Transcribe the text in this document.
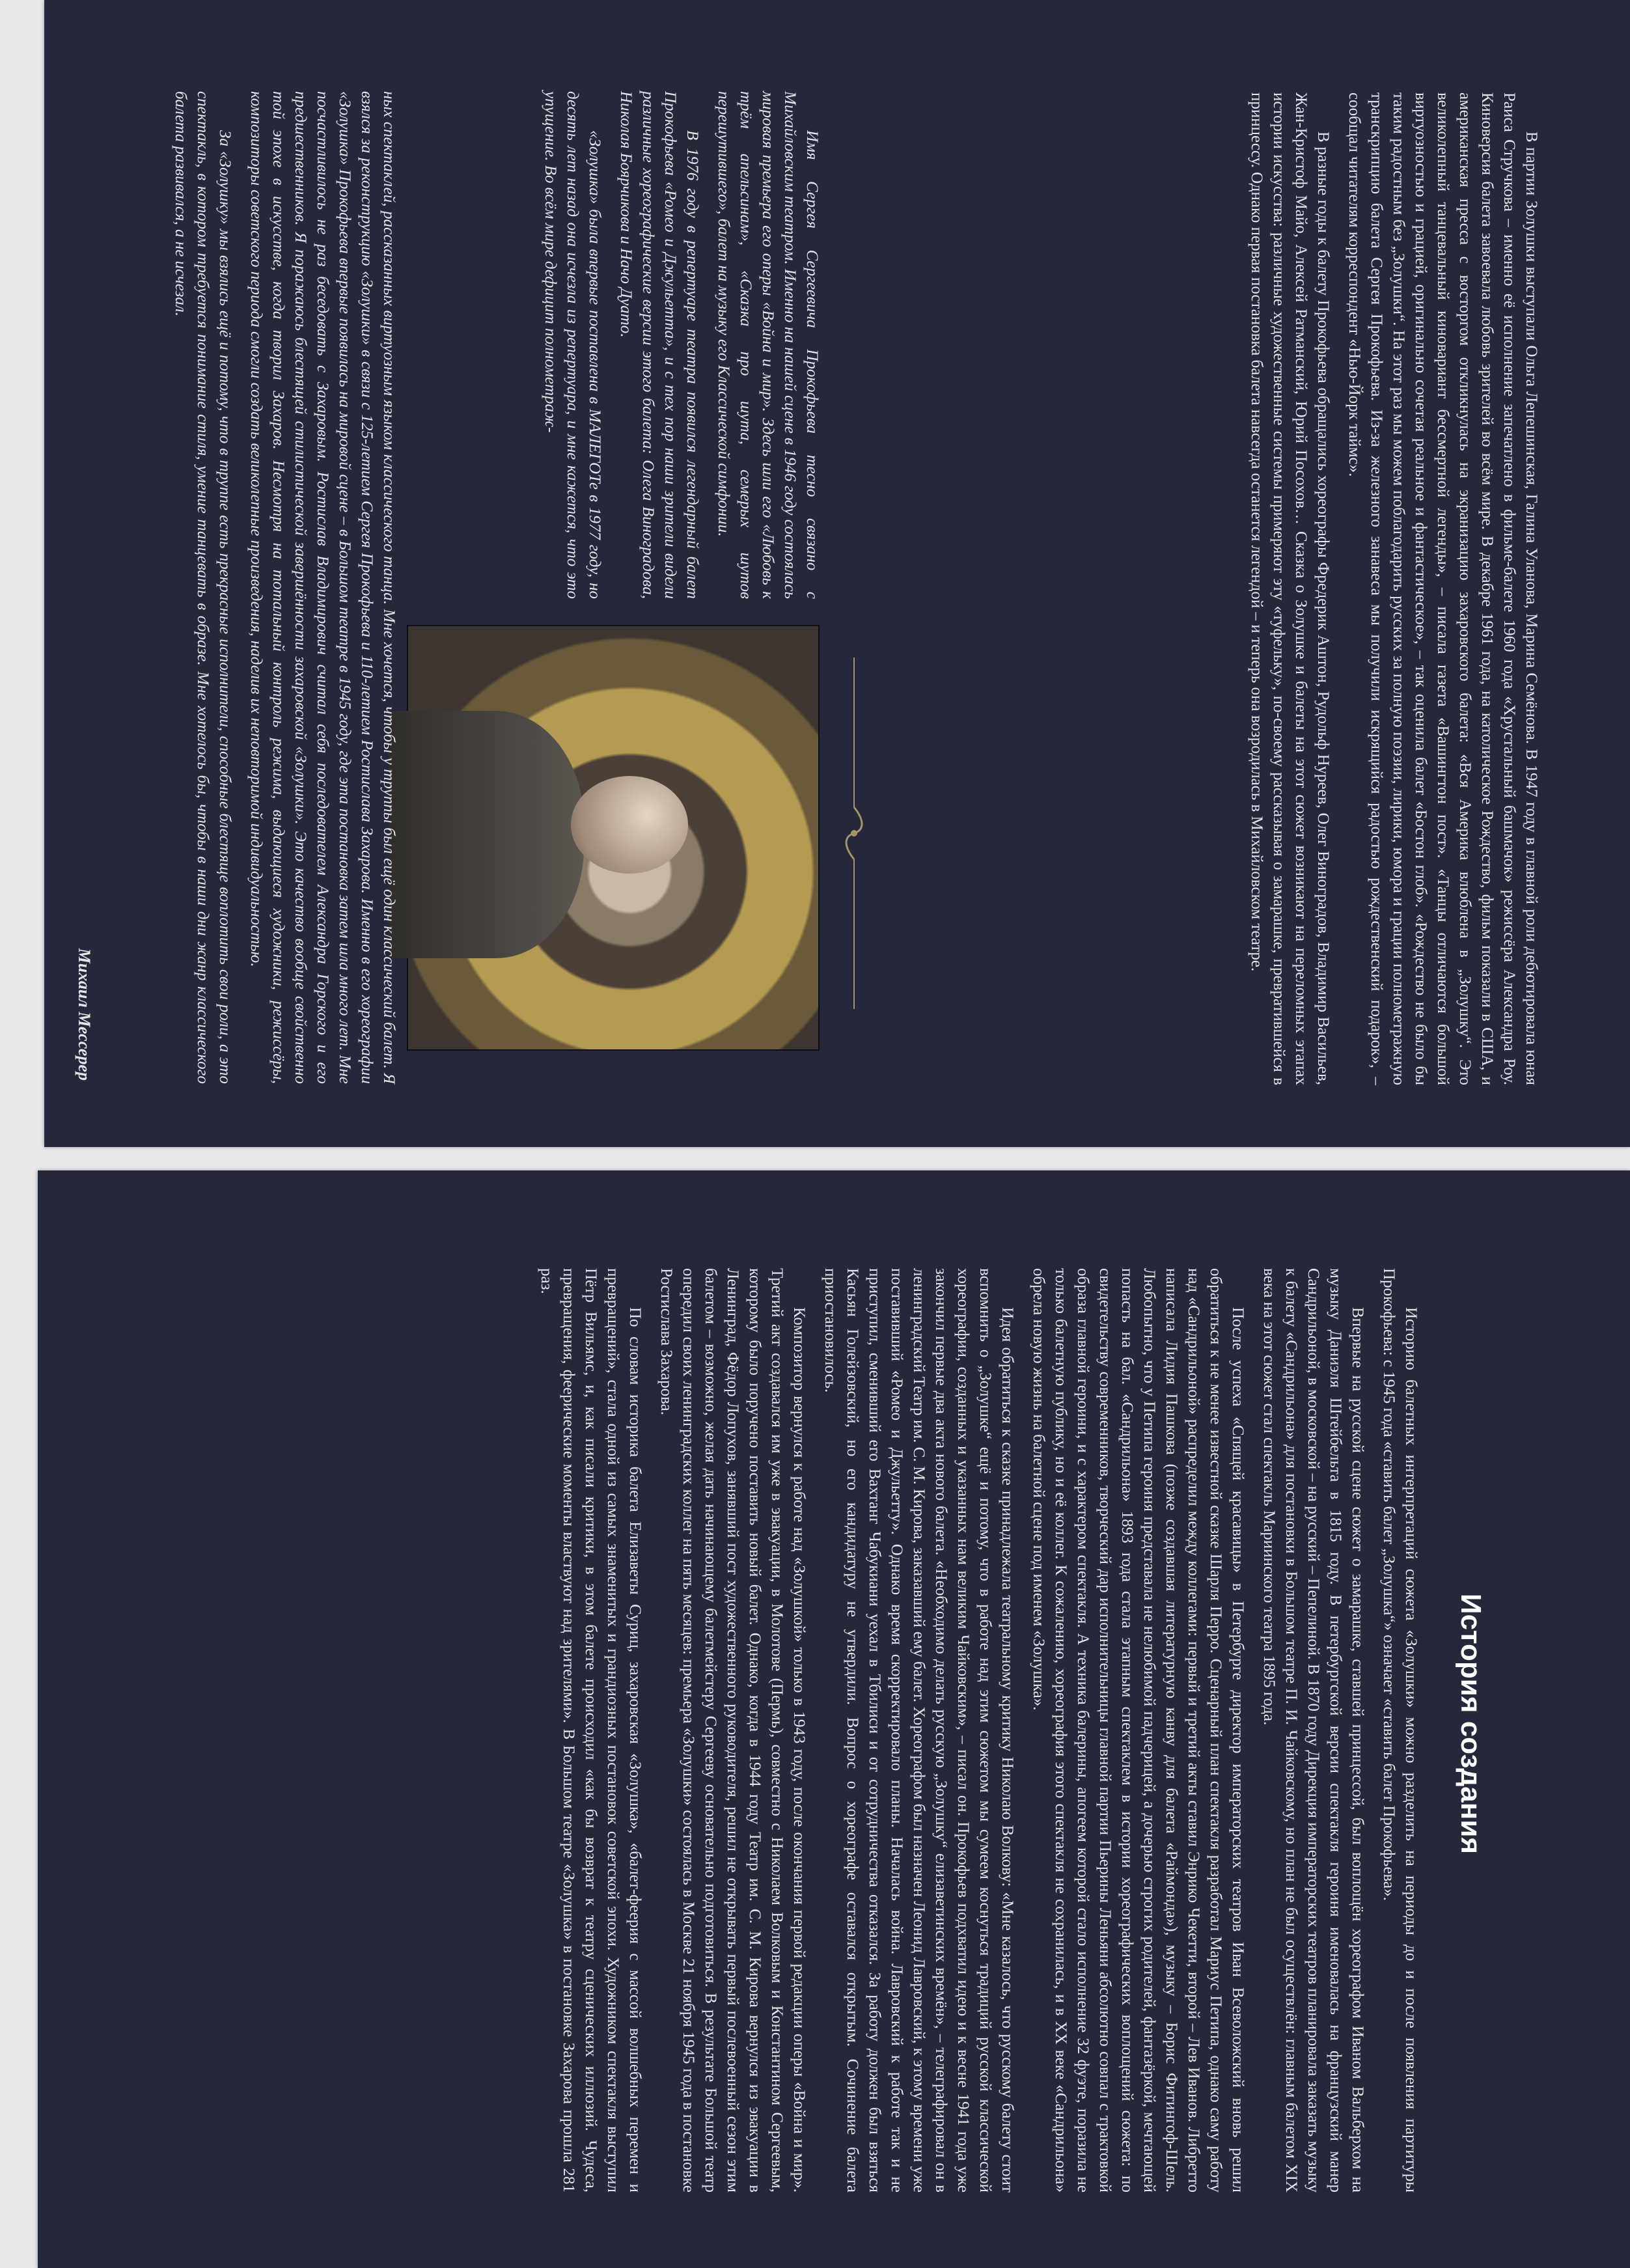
В партии Золушки выступали Ольга Лепешинская, Галина Уланова, Марина Семёнова. В 1947 году в главной роли дебютировала юная Раиса Стручкова – именно её исполнение запечатлено в фильме-балете 1960 года «Хрустальный башмачок» режиссёра Александра Роу. Киноверсия балета завоевала любовь зрителей во всём мире. В декабре 1961 года, на католическое Рождество, фильм показали в США, и американская пресса с восторгом откликнулась на экранизацию захаровского балета: «Вся Америка влюблена в „Золушку“. Это великолепный танцевальный киновариант бессмертной легенды», – писала газета «Вашингтон пост». «Танцы отличаются большой виртуозностью и грацией, оригинально сочетая реальное и фантастическое», – так оценила балет «Бостон глоб». «Рождество не было бы таким радостным без „Золушки“. На этот раз мы можем поблагодарить русских за полную поэзии, лирики, юмора и грации полнометражную транскрипцию балета Сергея Прокофьева. Из-за железного занавеса мы получили искрящийся радостью рождественский подарок», – сообщал читателям корреспондент «Нью-Йорк таймс».

В разные годы к балету Прокофьева обращались хореографы Фредерик Аштон, Рудольф Нуреев, Олег Виноградов, Владимир Васильев, Жан-Кристоф Майо, Алексей Ратманский, Юрий Посохов… Сказка о Золушке и балеты на этот сюжет возникают на переломных этапах истории искусства: различные художественные системы примеряют эту «туфельку», по-своему рассказывая о замарашке, превратившейся в принцессу. Однако первая постановка балета навсегда останется легендой – и теперь она возродилась в Михайловском театре.

Имя Сергея Сергеевича Прокофьева тесно связано с Михайловским театром. Именно на нашей сцене в 1946 году состоялась мировая премьера его оперы «Война и мир». Здесь шли его «Любовь к трём апельсинам», «Сказка про шута, семерых шутов перешутившего», балет на музыку его Классической симфонии.

В 1976 году в репертуаре театра появился легендарный балет Прокофьева «Ромео и Джульетта», и с тех пор наши зрители видели различные хореографические версии этого балета: Олега Виноградова, Николая Боярчикова и Начо Дуато.

«Золушка» была впервые поставлена в МАЛЕГОТе в 1977 году, но десять лет назад она исчезла из репертуара, и мне кажется, что это упущение. Во всём мире дефицит полнометраж-

ных спектаклей, рассказанных виртуозным языком классического танца. Мне хочется, чтобы у труппы был ещё один классический балет. Я взялся за реконструкцию «Золушки» в связи с 125-летием Сергея Прокофьева и 110-летием Ростислава Захарова. Именно в его хореографии «Золушка» Прокофьева впервые появилась на мировой сцене – в Большом театре в 1945 году, где эта постановка затем шла много лет. Мне посчастливилось не раз беседовать с Захаровым. Ростислав Владимирович считал себя последователем Александра Горского и его предшественников. Я поражаюсь блестящей стилистической завершённости захаровской «Золушки». Это качество вообще свойственно той эпохе в искусстве, когда творил Захаров. Несмотря на тотальный контроль режима, выдающиеся художники, режиссёры, композиторы советского периода смогли создать великолепные произведения, наделив их неповторимой индивидуальностью.

За «Золушку» мы взялись ещё и потому, что в труппе есть прекрасные исполнители, способные блестяще воплотить свои роли, а это спектакль, в котором требуется понимание стиля, умение танцевать в образе. Мне хотелось бы, чтобы в наши дни жанр классического балета развивался, а не исчезал.

Михаил Мессерер
История создания

Историю балетных интерпретаций сюжета «Золушки» можно разделить на периоды до и после появления партитуры Прокофьева: с 1945 года «ставить балет „Золушка“» означает «ставить балет Прокофьева».

Впервые на русской сцене сюжет о замарашке, ставшей принцессой, был воплощён хореографом Иваном Вальберхом на музыку Даниэля Штейбельта в 1815 году. В петербургской версии спектакля героиня именовалась на французский манер Сандрильоной, в московской – на русский – Пепелиной. В 1870 году Дирекция императорских театров планировала заказать музыку к балету «Сандрильона» для постановки в Большом театре П. И. Чайковскому, но план не был осуществлён: главным балетом XIX века на этот сюжет стал спектакль Мариинского театра 1895 года.

После успеха «Спящей красавицы» в Петербурге директор императорских театров Иван Всеволожский вновь решил обратиться к не менее известной сказке Шарля Перро. Сценарный план спектакля разработал Мариус Петипа, однако саму работу над «Сандрильоной» распределил между коллегами: первый и третий акты ставил Энрико Чекетти, второй – Лев Иванов. Либретто написала Лидия Пашкова (позже создавшая литературную канву для балета «Раймонда»), музыку – Борис Фитингоф-Шель. Любопытно, что у Петипа героиня представала не нелюбимой падчерицей, а дочерью строгих родителей, фантазёркой, мечтающей попасть на бал. «Сандрильона» 1893 года стала этапным спектаклем в истории хореографических воплощений сюжета: по свидетельству современников, творческий дар исполнительницы главной партии Пьерины Леньяни абсолютно совпал с трактовкой образа главной героини, и с характером спектакля. А техника балерины, апогеем которой стало исполнение 32 фуэте, поразила не только балетную публику, но и её коллег. К сожалению, хореография этого спектакля не сохранилась, и в XX веке «Сандрильона» обрела новую жизнь на балетной сцене под именем «Золушка».

Идея обратиться к сказке принадлежала театральному критику Николаю Волкову: «Мне казалось, что русскому балету стоит вспомнить о „Золушке“ ещё и потому, что в работе над этим сюжетом мы сумеем коснуться традиций русской классической хореографии, созданных и указанных нам великим Чайковским», – писал он. Прокофьев подхватил идею и к весне 1941 года уже закончил первые два акта нового балета. «Необходимо делать русскую „Золушку“ елизаветинских времён», – телеграфировал он в ленинградский Театр им. С. М. Кирова, заказавший ему балет. Хореографом был назначен Леонид Лавровский, к этому времени уже поставивший «Ромео и Джульетту». Однако время скорректировало планы. Началась война. Лавровский к работе так и не приступил, сменивший его Вахтанг Чабукиани уехал в Тбилиси и от сотрудничества отказался. За работу должен был взяться Касьян Голейзовский, но его кандидатуру не утвердили. Вопрос о хореографе оставался открытым. Сочинение балета приостановилось.

Композитор вернулся к работе над «Золушкой» только в 1943 году, после окончания первой редакции оперы «Война и мир». Третий акт создавался им уже в эвакуации, в Молотове (Пермь), совместно с Николаем Волковым и Константином Сергеевым, которому было поручено поставить новый балет. Однако, когда в 1944 году Театр им. С. М. Кирова вернулся из эвакуации в Ленинград, Фёдор Лопухов, занявший пост художественного руководителя, решил не открывать первый послевоенный сезон этим балетом – возможно, желая дать начинающему балетмейстеру Сергееву основательно подготовиться. В результате Большой театр опередил своих ленинградских коллег на пять месяцев: премьера «Золушки» состоялась в Москве 21 ноября 1945 года в постановке Ростислава Захарова.

По словам историка балета Елизаветы Суриц, захаровская «Золушка», «балет-феерия с массой волшебных перемен и превращений», стала одной из самых знаменитых и грандиозных постановок советской эпохи. Художником спектакля выступил Пётр Вильямс, и, как писали критики, в этом балете происходил «как бы возврат к театру сценических иллюзий. Чудеса, превращения, феерические моменты властвуют над зрителями». В Большом театре «Золушка» в постановке Захарова прошла 281 раз.
